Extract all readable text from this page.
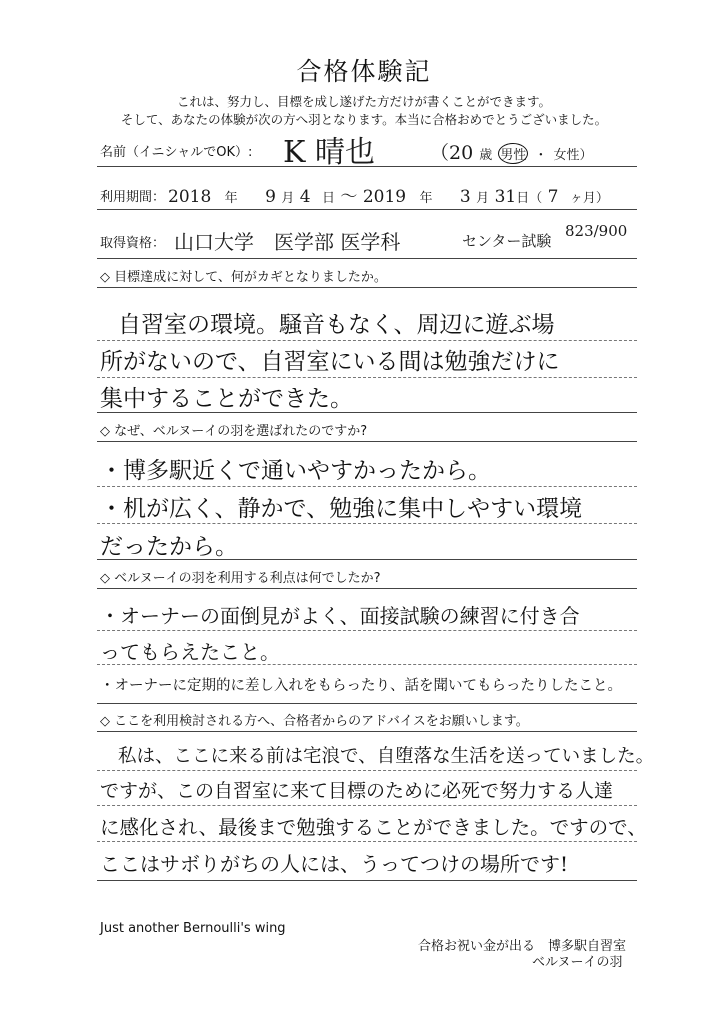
合格体験記
これは、努力し、目標を成し遂げた方だけが書くことができます。
そして、あなたの体験が次の方へ羽となります。本当に合格おめでとうございました。
名前（イニシャルでOK）: K 晴也	（20 歳 男性 ・ 女性）
利用期間： 2018 年 9 月 4 日 ～ 2019 年 3 月 31日（ 7 ヶ月）
取得資格： 山口大学　医学部 医学科	センター試験
823/900
◇ 目標達成に対して、何がカギとなりましたか。
自習室の環境。騒音もなく、周辺に遊ぶ場
所がないので、自習室にいる間は勉強だけに
集中することができた。
◇ なぜ、ベルヌーイの羽を選ばれたのですか?
・博多駅近くで通いやすかったから。
・机が広く、静かで、勉強に集中しやすい環境
だったから。
◇ ベルヌーイの羽を利用する利点は何でしたか?
・オーナーの面倒見がよく、面接試験の練習に付き合
ってもらえたこと。
・オーナーに定期的に差し入れをもらったり、話を聞いてもらったりしたこと。
◇ ここを利用検討される方へ、合格者からのアドバイスをお願いします。
私は、ここに来る前は宅浪で、自堕落な生活を送っていました。
ですが、この自習室に来て目標のために必死で努力する人達
に感化され、最後まで勉強することができました。ですので、
ここはサボりがちの人には、うってつけの場所です!
Just another Bernoulli's wing
合格お祝い金が出る　博多駅自習室
ベルヌーイの羽
